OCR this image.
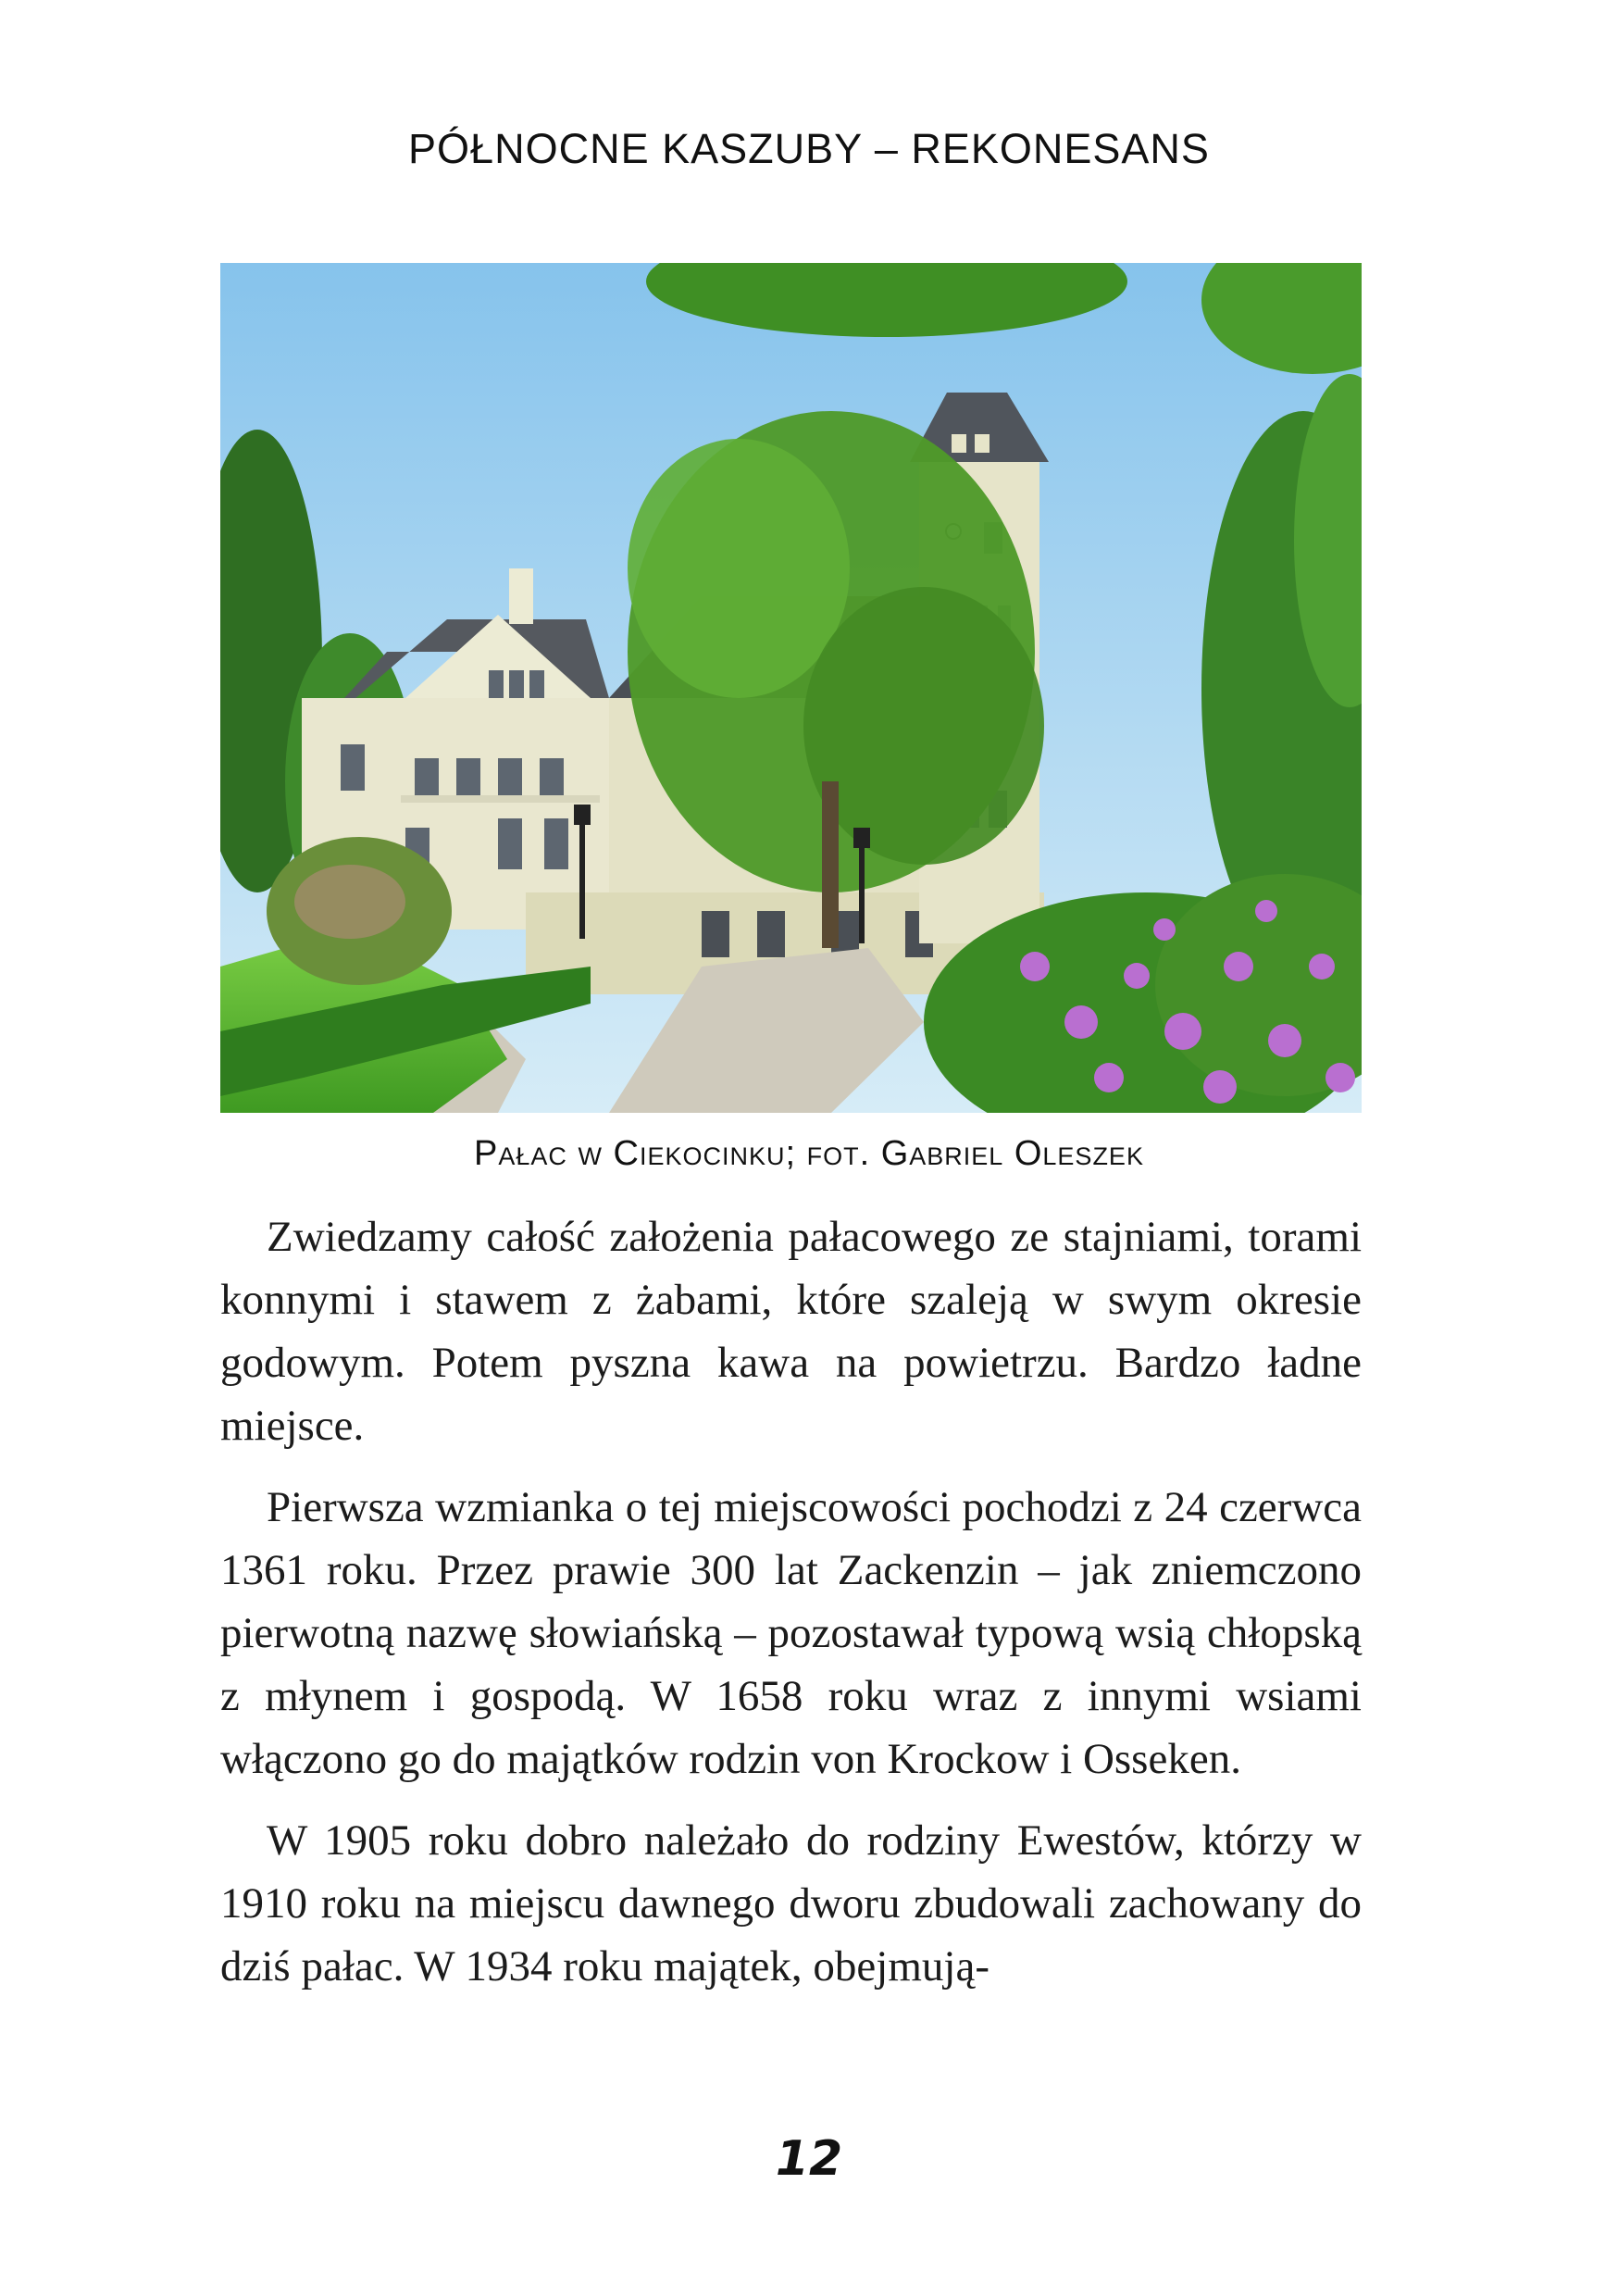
PÓŁNOCNE KASZUBY – REKONESANS
Pałac w Ciekocinku; fot. Gabriel Oleszek

Zwiedzamy całość założenia pałacowego ze stajniami, torami konnymi i stawem z żabami, które szaleją w swym okresie godowym. Potem pyszna kawa na powietrzu. Bardzo ładne miejsce.

Pierwsza wzmianka o tej miejscowości pochodzi z 24 czerwca 1361 roku. Przez prawie 300 lat Zackenzin – jak zniemczono pierwotną nazwę słowiańską – pozostawał typową wsią chłopską z młynem i gospodą. W 1658 roku wraz z innymi wsiami włączono go do majątków rodzin von Krockow i Osseken.

W 1905 roku dobro należało do rodziny Ewestów, którzy w 1910 roku na miejscu dawnego dworu zbudowali zachowany do dziś pałac. W 1934 roku majątek, obejmują-

12
